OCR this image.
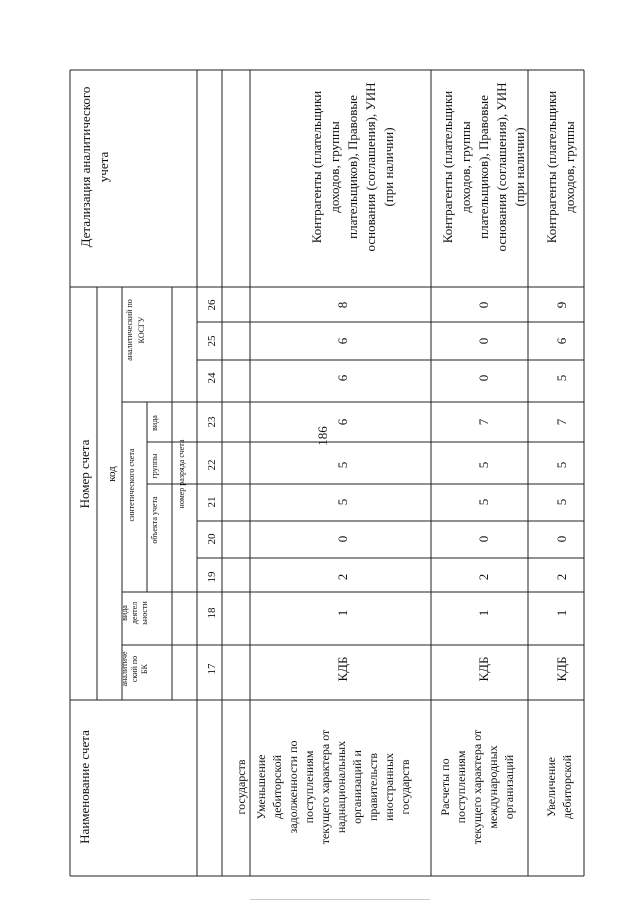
186
Наименование счета
Номер счета код
аналитиче ский по БК
вида деятел ьности
синтетического счета объекта учета
группы
вида
аналитический по КОСГУ
номер разряда счета
Детализация аналитического учета
17
18
19
20
21
22
23
24
25
26
государств Уменьшение дебиторской задолженности по поступлениям текущего характера от наднациональных организаций и правительств иностранных государств
КДБ
1
2
0
5
5
6
6
6
8
Контрагенты (плательщики доходов, группы плательщиков), Правовые основания (соглашения), УИН (при наличии)
Расчеты по поступлениям текущего характера от международных организаций
КДБ
1
2
0
5
5
7
0
0
0
Контрагенты (плательщики доходов, группы плательщиков), Правовые основания (соглашения), УИН (при наличии)
Увеличение дебиторской
КДБ
1
2
0
5
5
7
5
6
9
Контрагенты (плательщики доходов, группы
